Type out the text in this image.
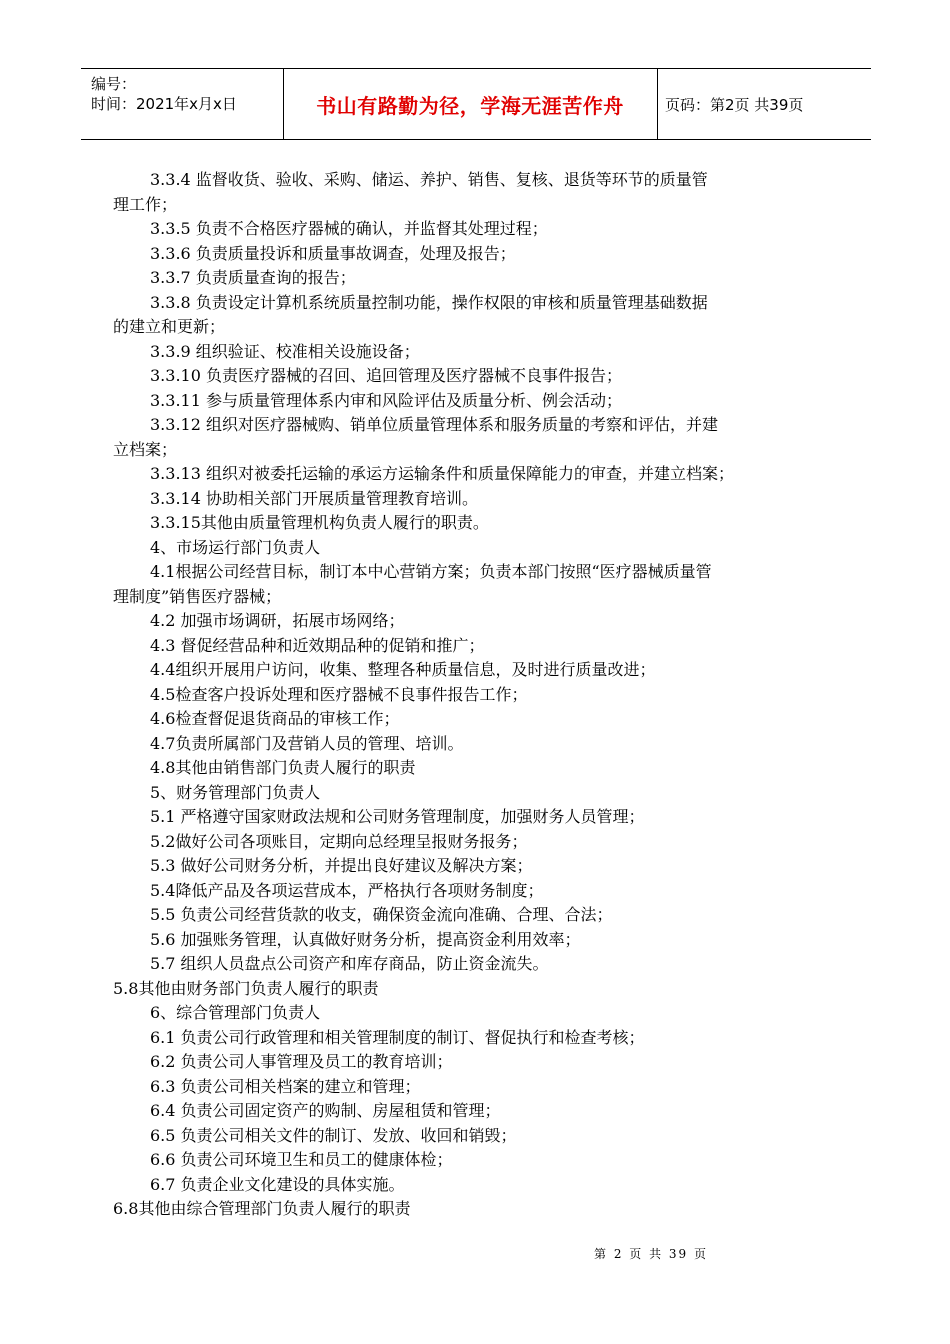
编号：
时间：2021年x月x日	书山有路勤为径，学海无涯苦作舟	页码：第2页 共39页
3.3.4 监督收货、验收、采购、储运、养护、销售、复核、退货等环节的质量管
理工作；
3.3.5 负责不合格医疗器械的确认，并监督其处理过程；
3.3.6 负责质量投诉和质量事故调查，处理及报告；
3.3.7 负责质量查询的报告；
3.3.8 负责设定计算机系统质量控制功能，操作权限的审核和质量管理基础数据
的建立和更新；
3.3.9 组织验证、校准相关设施设备；
3.3.10 负责医疗器械的召回、追回管理及医疗器械不良事件报告；
3.3.11 参与质量管理体系内审和风险评估及质量分析、例会活动；
3.3.12 组织对医疗器械购、销单位质量管理体系和服务质量的考察和评估，并建
立档案；
3.3.13 组织对被委托运输的承运方运输条件和质量保障能力的审查，并建立档案；
3.3.14 协助相关部门开展质量管理教育培训。
3.3.15其他由质量管理机构负责人履行的职责。
4、市场运行部门负责人
4.1根据公司经营目标，制订本中心营销方案；负责本部门按照“医疗器械质量管
理制度”销售医疗器械；
4.2 加强市场调研，拓展市场网络；
4.3 督促经营品种和近效期品种的促销和推广；
4.4组织开展用户访问，收集、整理各种质量信息，及时进行质量改进；
4.5检查客户投诉处理和医疗器械不良事件报告工作；
4.6检查督促退货商品的审核工作；
4.7负责所属部门及营销人员的管理、培训。
4.8其他由销售部门负责人履行的职责
5、财务管理部门负责人
5.1 严格遵守国家财政法规和公司财务管理制度，加强财务人员管理；
5.2做好公司各项账目，定期向总经理呈报财务报务；
5.3 做好公司财务分析，并提出良好建议及解决方案；
5.4降低产品及各项运营成本，严格执行各项财务制度；
5.5 负责公司经营货款的收支，确保资金流向准确、合理、合法；
5.6 加强账务管理，认真做好财务分析，提高资金利用效率；
5.7 组织人员盘点公司资产和库存商品，防止资金流失。
5.8其他由财务部门负责人履行的职责
6、综合管理部门负责人
6.1 负责公司行政管理和相关管理制度的制订、督促执行和检查考核；
6.2 负责公司人事管理及员工的教育培训；
6.3 负责公司相关档案的建立和管理；
6.4 负责公司固定资产的购制、房屋租赁和管理；
6.5 负责公司相关文件的制订、发放、收回和销毁；
6.6 负责公司环境卫生和员工的健康体检；
6.7 负责企业文化建设的具体实施。
6.8其他由综合管理部门负责人履行的职责
第 2 页 共 39 页
